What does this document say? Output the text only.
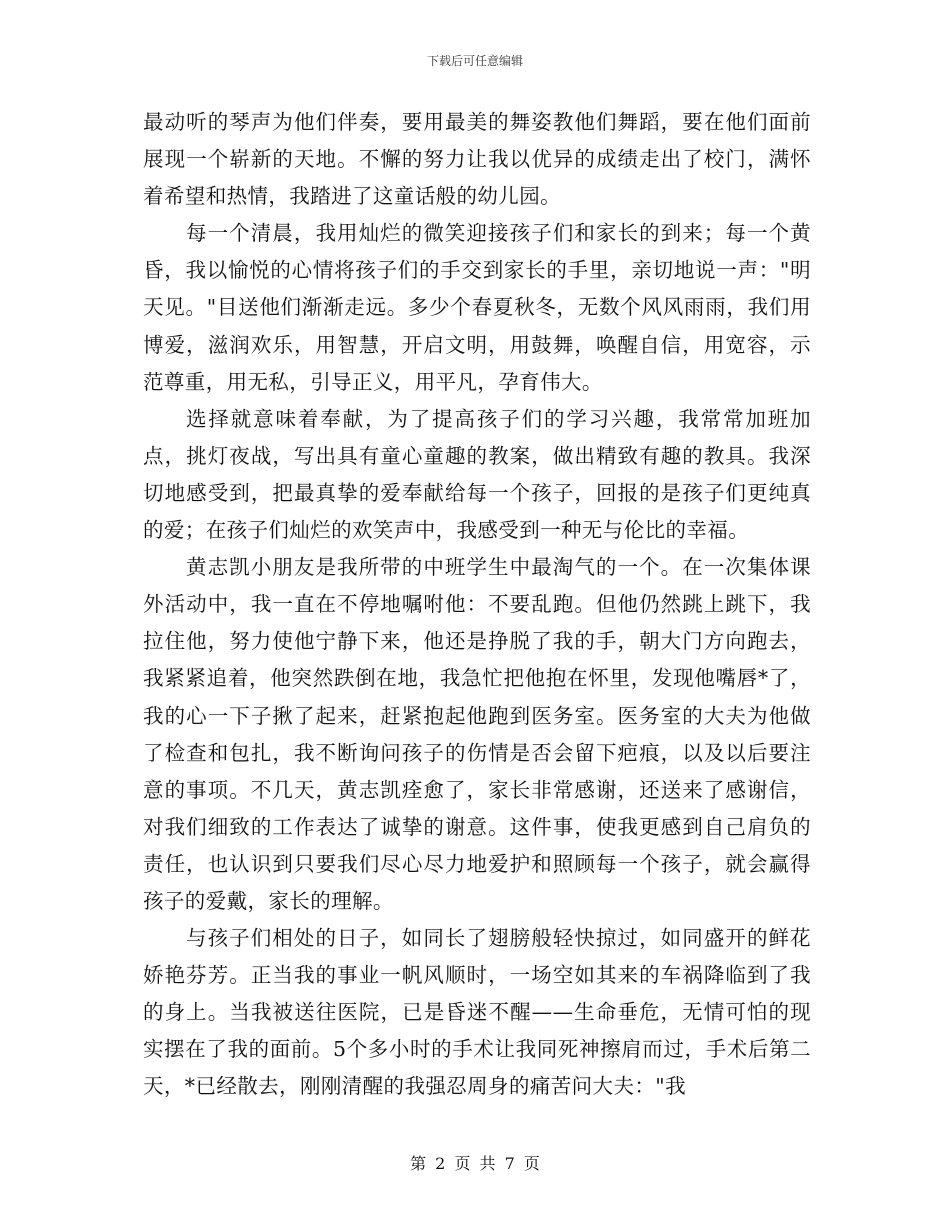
下载后可任意编辑

最动听的琴声为他们伴奏，要用最美的舞姿教他们舞蹈，要在他们面前展现一个崭新的天地。不懈的努力让我以优异的成绩走出了校门，满怀着希望和热情，我踏进了这童话般的幼儿园。

每一个清晨，我用灿烂的微笑迎接孩子们和家长的到来；每一个黄昏，我以愉悦的心情将孩子们的手交到家长的手里，亲切地说一声："明天见。"目送他们渐渐走远。多少个春夏秋冬，无数个风风雨雨，我们用博爱，滋润欢乐，用智慧，开启文明，用鼓舞，唤醒自信，用宽容，示范尊重，用无私，引导正义，用平凡，孕育伟大。

选择就意味着奉献，为了提高孩子们的学习兴趣，我常常加班加点，挑灯夜战，写出具有童心童趣的教案，做出精致有趣的教具。我深切地感受到，把最真挚的爱奉献给每一个孩子，回报的是孩子们更纯真的爱；在孩子们灿烂的欢笑声中，我感受到一种无与伦比的幸福。

黄志凯小朋友是我所带的中班学生中最淘气的一个。在一次集体课外活动中，我一直在不停地嘱咐他：不要乱跑。但他仍然跳上跳下，我拉住他，努力使他宁静下来，他还是挣脱了我的手，朝大门方向跑去，我紧紧追着，他突然跌倒在地，我急忙把他抱在怀里，发现他嘴唇*了，我的心一下子揪了起来，赶紧抱起他跑到医务室。医务室的大夫为他做了检查和包扎，我不断询问孩子的伤情是否会留下疤痕，以及以后要注意的事项。不几天，黄志凯痊愈了，家长非常感谢，还送来了感谢信，对我们细致的工作表达了诚挚的谢意。这件事，使我更感到自己肩负的责任，也认识到只要我们尽心尽力地爱护和照顾每一个孩子，就会赢得孩子的爱戴，家长的理解。

与孩子们相处的日子，如同长了翅膀般轻快掠过，如同盛开的鲜花娇艳芬芳。正当我的事业一帆风顺时，一场空如其来的车祸降临到了我的身上。当我被送往医院，已是昏迷不醒——生命垂危，无情可怕的现实摆在了我的面前。5个多小时的手术让我同死神擦肩而过，手术后第二天，*已经散去，刚刚清醒的我强忍周身的痛苦问大夫："我

第 2 页 共 7 页
